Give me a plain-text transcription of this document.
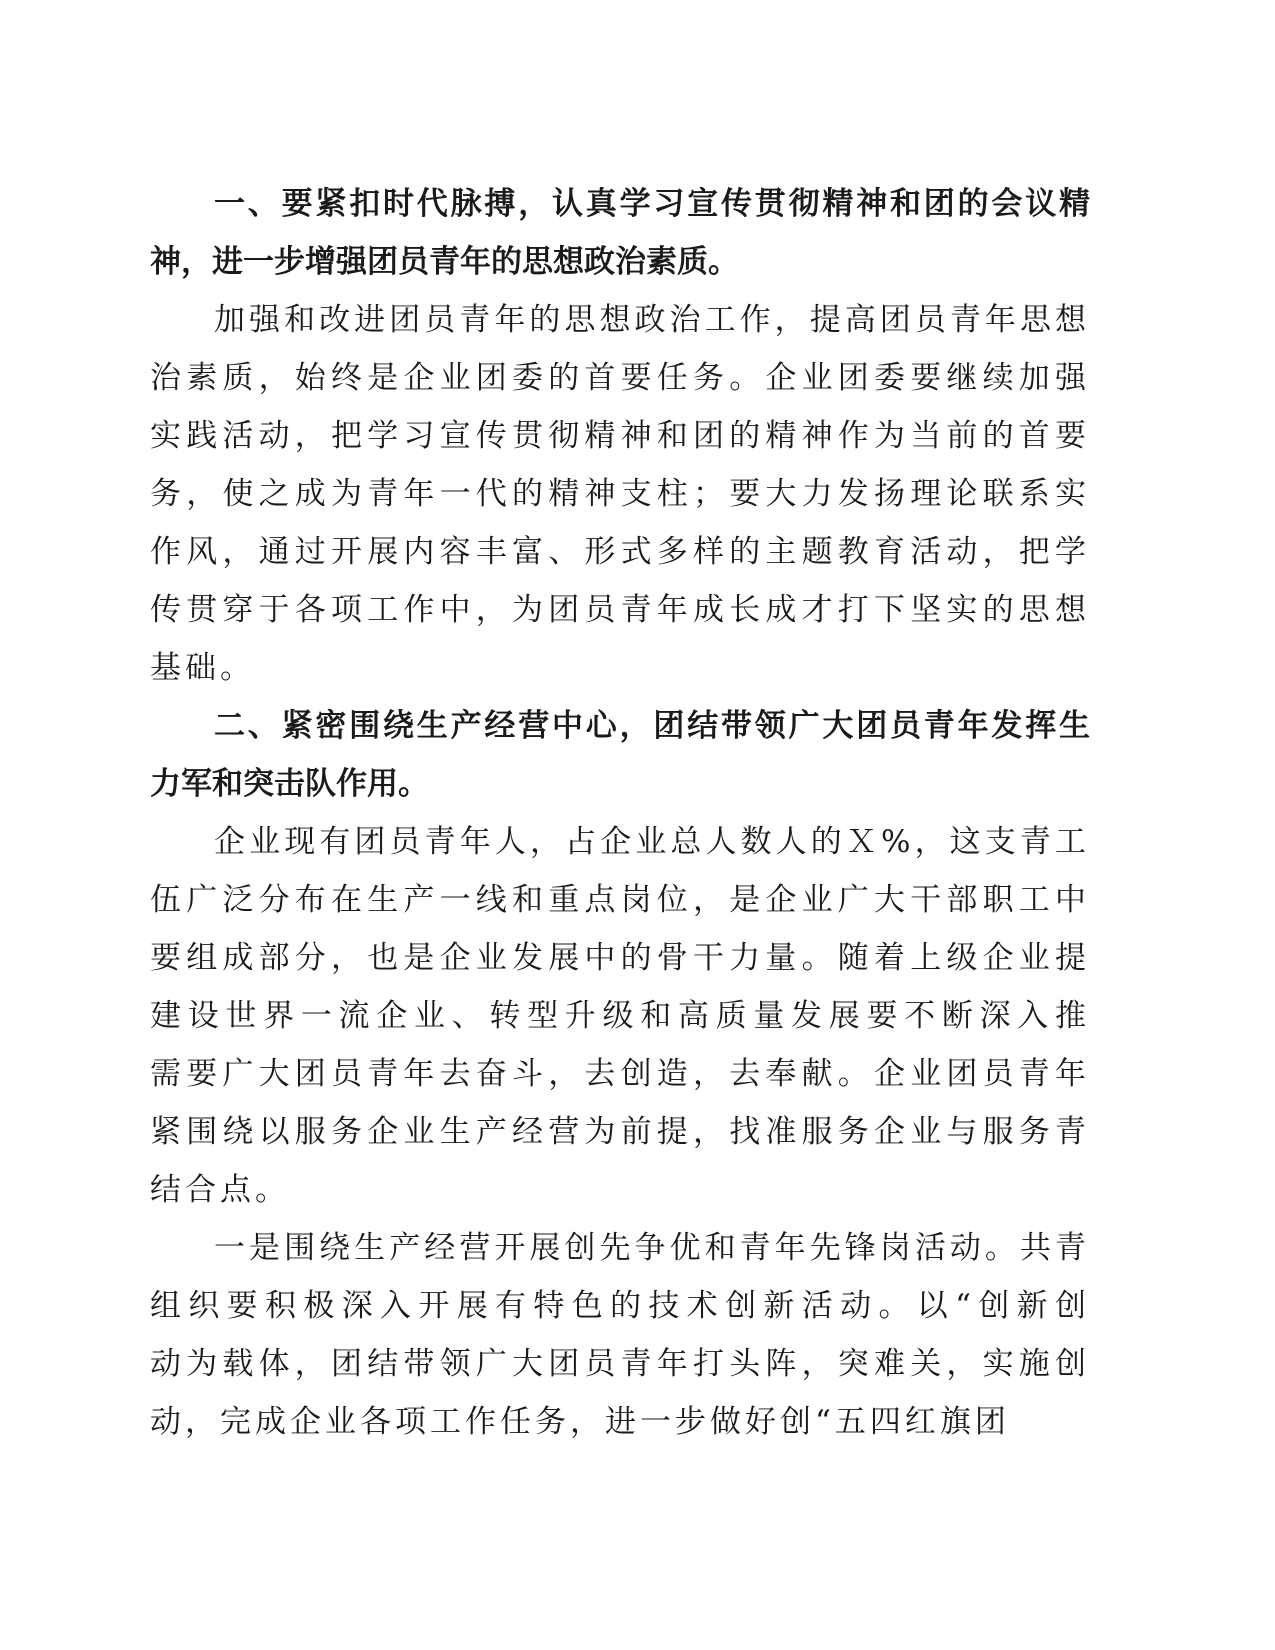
一、要紧扣时代脉搏，认真学习宣传贯彻精神和团的会议精
神，进一步增强团员青年的思想政治素质。
加强和改进团员青年的思想政治工作，提高团员青年思想
治素质，始终是企业团委的首要任务。企业团委要继续加强
实践活动，把学习宣传贯彻精神和团的精神作为当前的首要
务，使之成为青年一代的精神支柱；要大力发扬理论联系实
作风，通过开展内容丰富、形式多样的主题教育活动，把学
传贯穿于各项工作中，为团员青年成长成才打下坚实的思想
基础。
二、紧密围绕生产经营中心，团结带领广大团员青年发挥生
力军和突击队作用。
企业现有团员青年人，占企业总人数人的Ｘ%，这支青工
伍广泛分布在生产一线和重点岗位，是企业广大干部职工中
要组成部分，也是企业发展中的骨干力量。随着上级企业提
建设世界一流企业、转型升级和高质量发展要不断深入推
需要广大团员青年去奋斗，去创造，去奉献。企业团员青年
紧围绕以服务企业生产经营为前提，找准服务企业与服务青
结合点。
一是围绕生产经营开展创先争优和青年先锋岗活动。共青
组织要积极深入开展有特色的技术创新活动。以“创新创
动为载体，团结带领广大团员青年打头阵，突难关，实施创
动，完成企业各项工作任务，进一步做好创“五四红旗团
